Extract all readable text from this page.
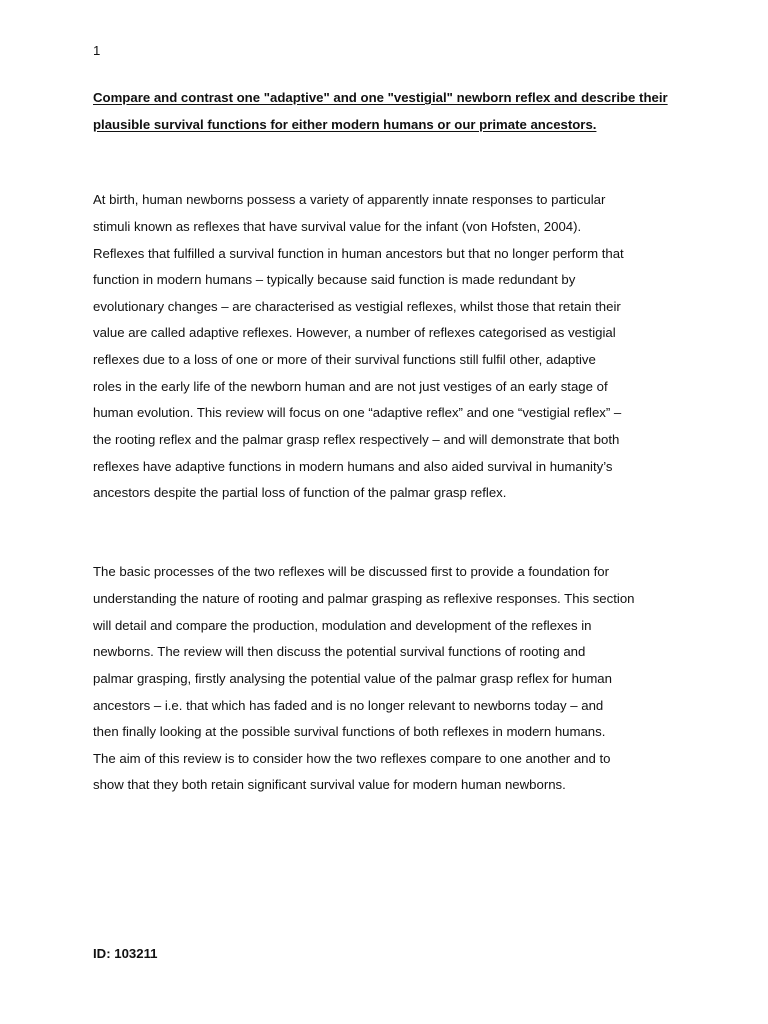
1
Compare and contrast one "adaptive" and one "vestigial" newborn reflex and describe their
plausible survival functions for either modern humans or our primate ancestors.
At birth, human newborns possess a variety of apparently innate responses to particular
stimuli known as reflexes that have survival value for the infant (von Hofsten, 2004).
Reflexes that fulfilled a survival function in human ancestors but that no longer perform that
function in modern humans – typically because said function is made redundant by
evolutionary changes – are characterised as vestigial reflexes, whilst those that retain their
value are called adaptive reflexes. However, a number of reflexes categorised as vestigial
reflexes due to a loss of one or more of their survival functions still fulfil other, adaptive
roles in the early life of the newborn human and are not just vestiges of an early stage of
human evolution. This review will focus on one “adaptive reflex” and one “vestigial reflex” –
the rooting reflex and the palmar grasp reflex respectively – and will demonstrate that both
reflexes have adaptive functions in modern humans and also aided survival in humanity’s
ancestors despite the partial loss of function of the palmar grasp reflex.
The basic processes of the two reflexes will be discussed first to provide a foundation for
understanding the nature of rooting and palmar grasping as reflexive responses. This section
will detail and compare the production, modulation and development of the reflexes in
newborns. The review will then discuss the potential survival functions of rooting and
palmar grasping, firstly analysing the potential value of the palmar grasp reflex for human
ancestors – i.e. that which has faded and is no longer relevant to newborns today – and
then finally looking at the possible survival functions of both reflexes in modern humans.
The aim of this review is to consider how the two reflexes compare to one another and to
show that they both retain significant survival value for modern human newborns.
ID: 103211
